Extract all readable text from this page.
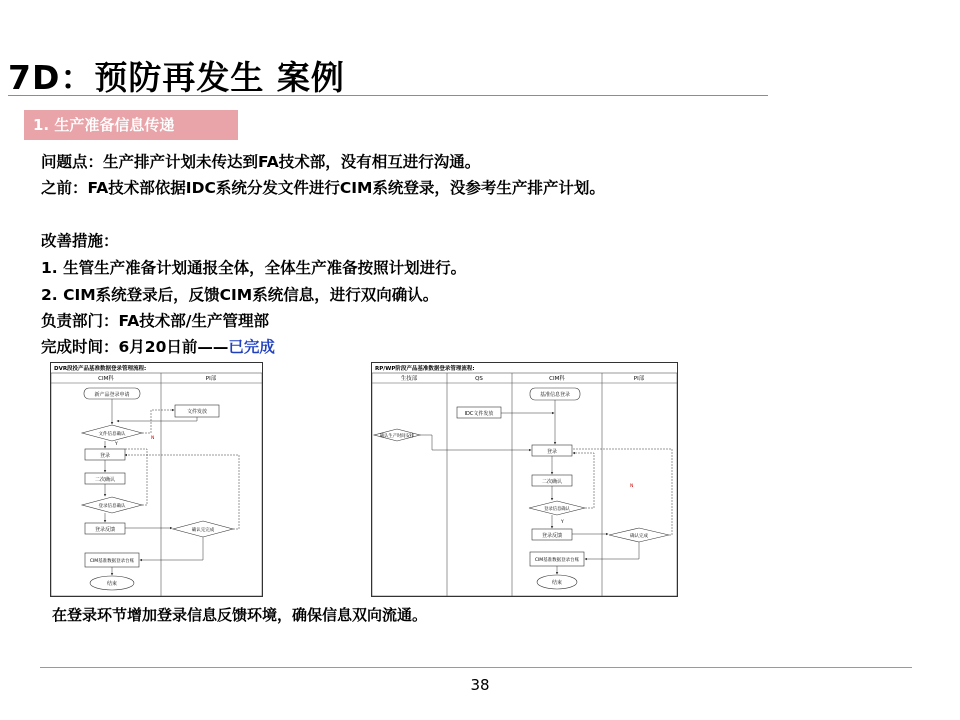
7D：预防再发生 案例
1. 生产准备信息传递
问题点：生产排产计划未传达到FA技术部，没有相互进行沟通。
之前：FA技术部依据IDC系统分发文件进行CIM系统登录，没参考生产排产计划。
改善措施：
1. 生管生产准备计划通报全体，全体生产准备按照计划进行。
2. CIM系统登录后，反馈CIM系统信息，进行双向确认。
负责部门：FA技术部/生产管理部
完成时间：6月20日前——已完成
DVR段投产品基准数据登录管理流程:
CIM科	PI部
新产品登录申请
文件发放
文件信息确认
登录
二次确认
登录信息确认
登录反馈	确认完完成
CIM基准数据登录台账
结束
N
Y
RP/WP阶段产品基准数据登录管理流程:
生技部	QS	CIM科	PI部
确认生产时间安排
IDC文件发放
基准信息登录
登录
二次确认
登录信息确认
登录反馈	确认完成
CIM基准数据登录台账
结束
N
Y
在登录环节增加登录信息反馈环境，确保信息双向流通。
38
